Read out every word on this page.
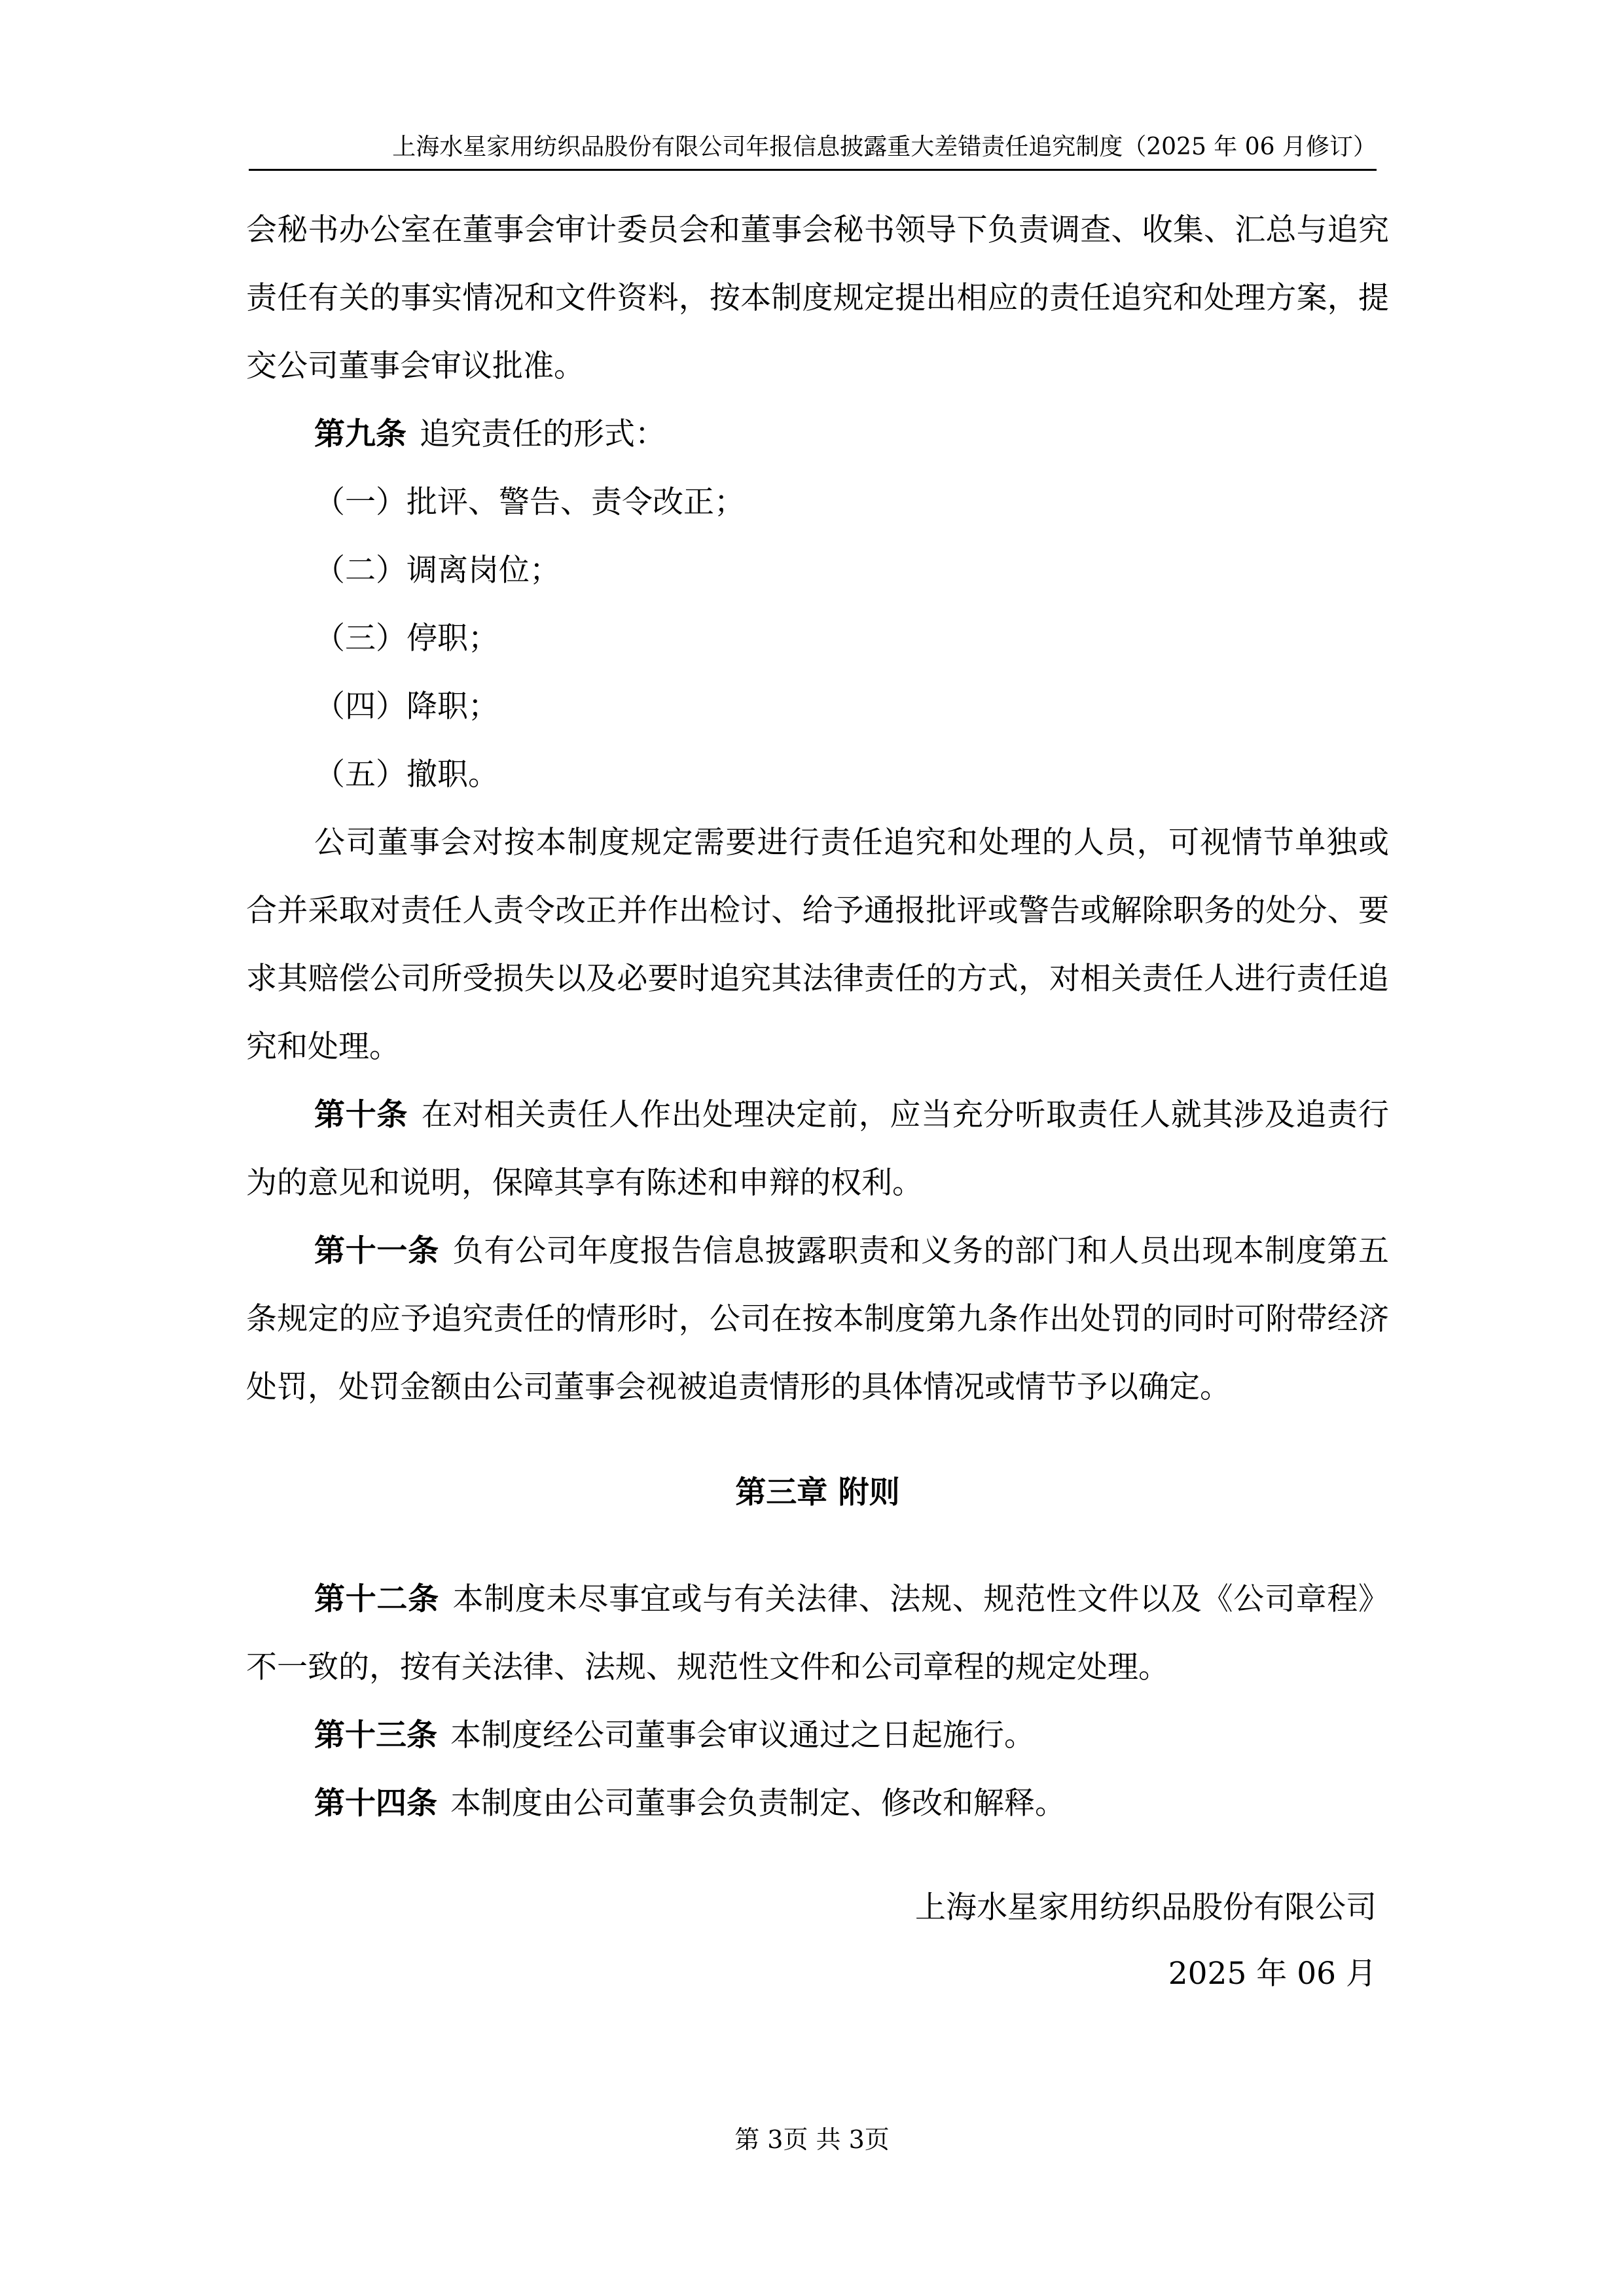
上海水星家用纺织品股份有限公司年报信息披露重大差错责任追究制度（2025 年 06 月修订）

会秘书办公室在董事会审计委员会和董事会秘书领导下负责调查、收集、汇总与追究责任有关的事实情况和文件资料，按本制度规定提出相应的责任追究和处理方案，提交公司董事会审议批准。

第九条 追究责任的形式：

（一）批评、警告、责令改正；

（二）调离岗位；

（三）停职；

（四）降职；

（五）撤职。

公司董事会对按本制度规定需要进行责任追究和处理的人员，可视情节单独或合并采取对责任人责令改正并作出检讨、给予通报批评或警告或解除职务的处分、要求其赔偿公司所受损失以及必要时追究其法律责任的方式，对相关责任人进行责任追究和处理。

第十条 在对相关责任人作出处理决定前，应当充分听取责任人就其涉及追责行为的意见和说明，保障其享有陈述和申辩的权利。

第十一条 负有公司年度报告信息披露职责和义务的部门和人员出现本制度第五条规定的应予追究责任的情形时，公司在按本制度第九条作出处罚的同时可附带经济处罚，处罚金额由公司董事会视被追责情形的具体情况或情节予以确定。

第三章 附则

第十二条 本制度未尽事宜或与有关法律、法规、规范性文件以及《公司章程》不一致的，按有关法律、法规、规范性文件和公司章程的规定处理。

第十三条 本制度经公司董事会审议通过之日起施行。

第十四条 本制度由公司董事会负责制定、修改和解释。

上海水星家用纺织品股份有限公司
2025 年 06 月
第 3页 共 3页
